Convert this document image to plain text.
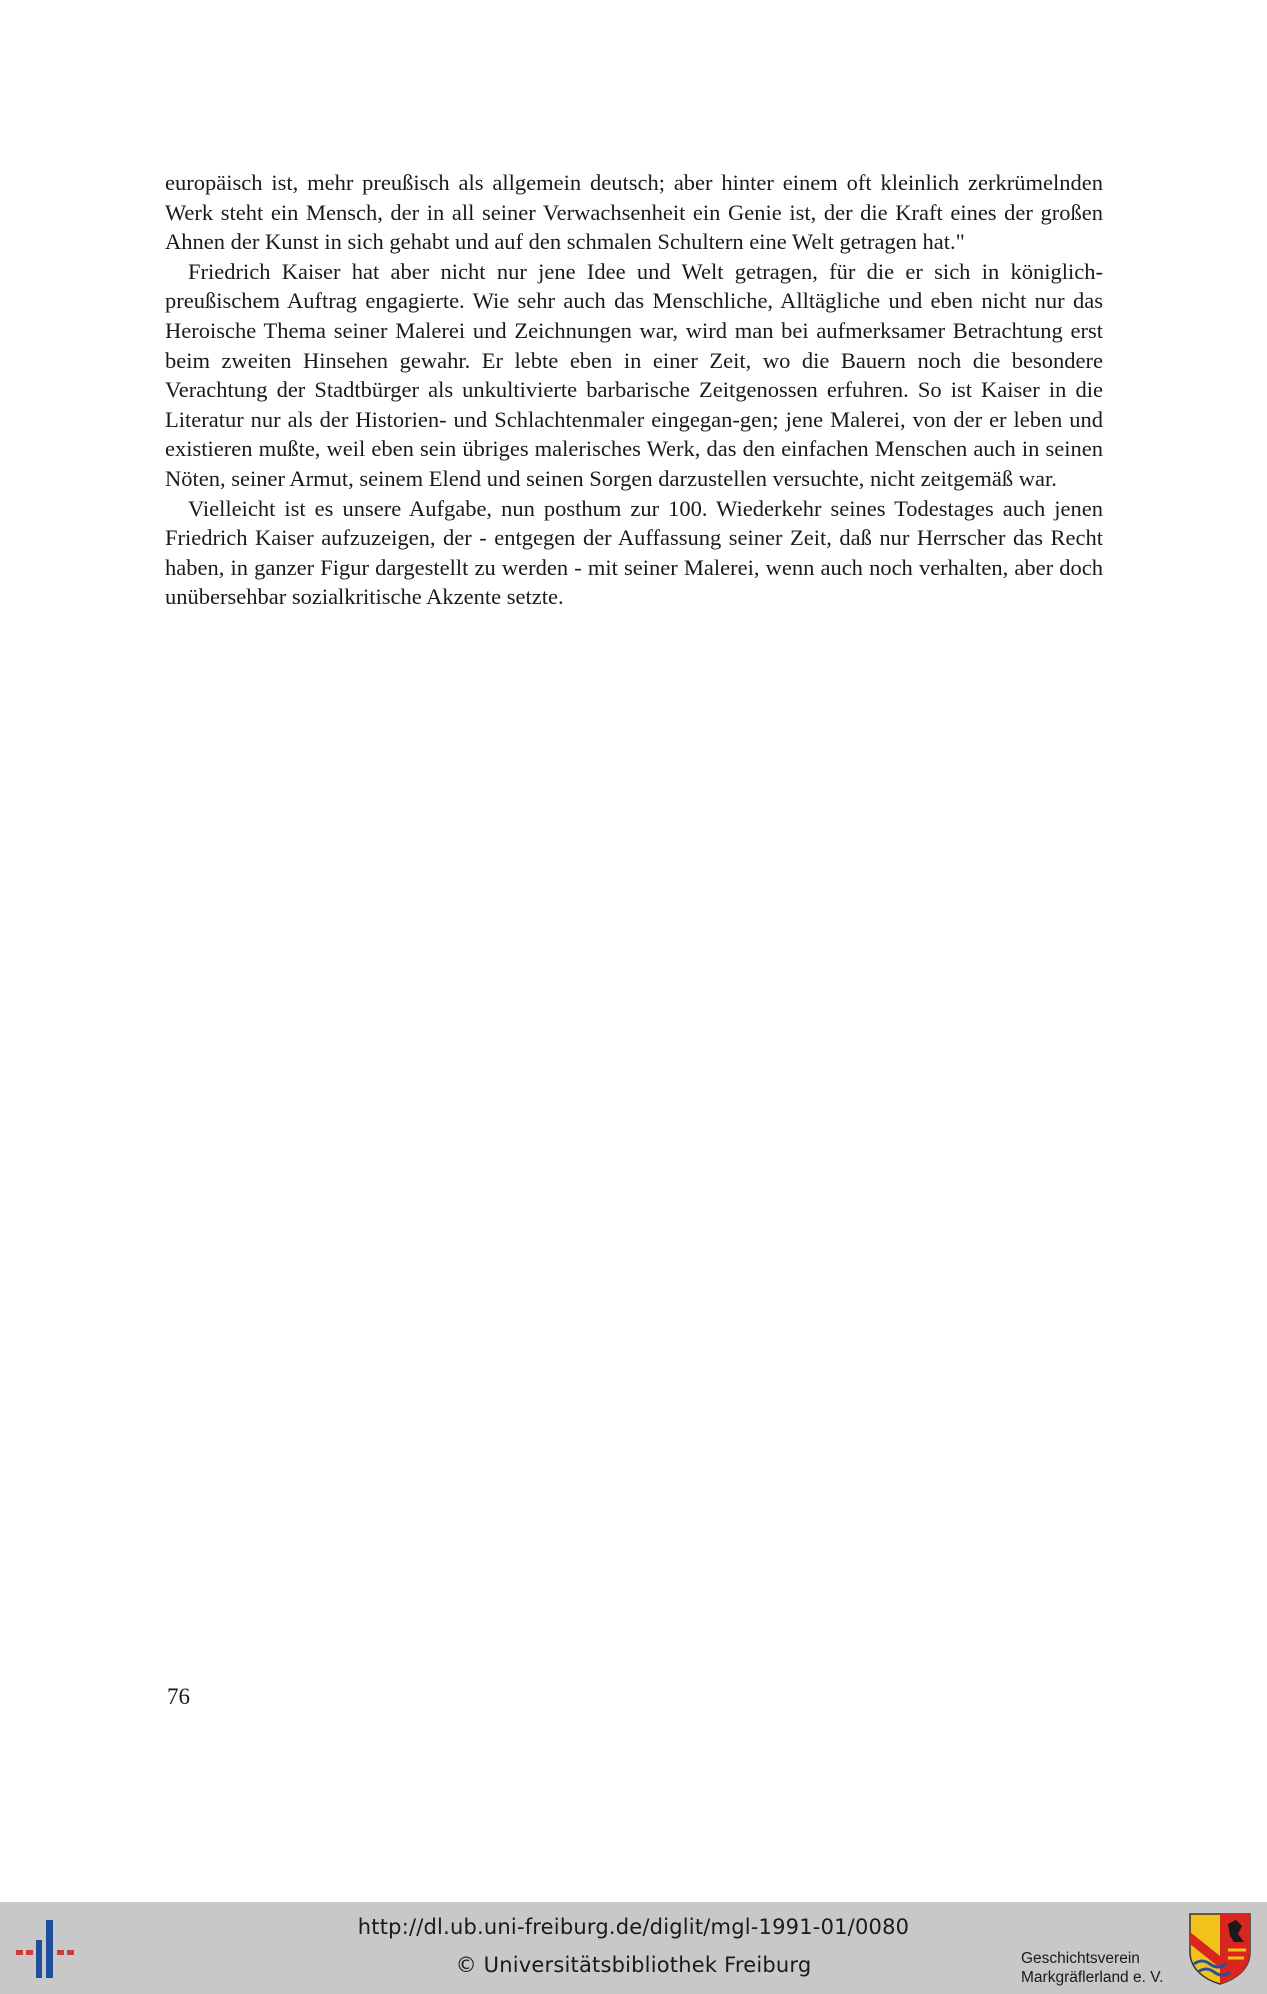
europäisch ist, mehr preußisch als allgemein deutsch; aber hinter einem oft kleinlich zerkrümelnden Werk steht ein Mensch, der in all seiner Verwachsenheit ein Genie ist, der die Kraft eines der großen Ahnen der Kunst in sich gehabt und auf den schmalen Schultern eine Welt getragen hat."

Friedrich Kaiser hat aber nicht nur jene Idee und Welt getragen, für die er sich in königlich-preußischem Auftrag engagierte. Wie sehr auch das Menschliche, Alltägliche und eben nicht nur das Heroische Thema seiner Malerei und Zeichnungen war, wird man bei aufmerksamer Betrachtung erst beim zweiten Hinsehen gewahr. Er lebte eben in einer Zeit, wo die Bauern noch die besondere Verachtung der Stadtbürger als unkultivierte barbarische Zeitgenossen erfuhren. So ist Kaiser in die Literatur nur als der Historien- und Schlachtenmaler eingegan-gen; jene Malerei, von der er leben und existieren mußte, weil eben sein übriges malerisches Werk, das den einfachen Menschen auch in seinen Nöten, seiner Armut, seinem Elend und seinen Sorgen darzustellen versuchte, nicht zeitgemäß war.

Vielleicht ist es unsere Aufgabe, nun posthum zur 100. Wiederkehr seines Todestages auch jenen Friedrich Kaiser aufzuzeigen, der - entgegen der Auffassung seiner Zeit, daß nur Herrscher das Recht haben, in ganzer Figur dargestellt zu werden - mit seiner Malerei, wenn auch noch verhalten, aber doch unübersehbar sozialkritische Akzente setzte.

76
http://dl.ub.uni-freiburg.de/diglit/mgl-1991-01/0080
© Universitätsbibliothek Freiburg	Geschichtsverein
Markgräflerland e. V.
